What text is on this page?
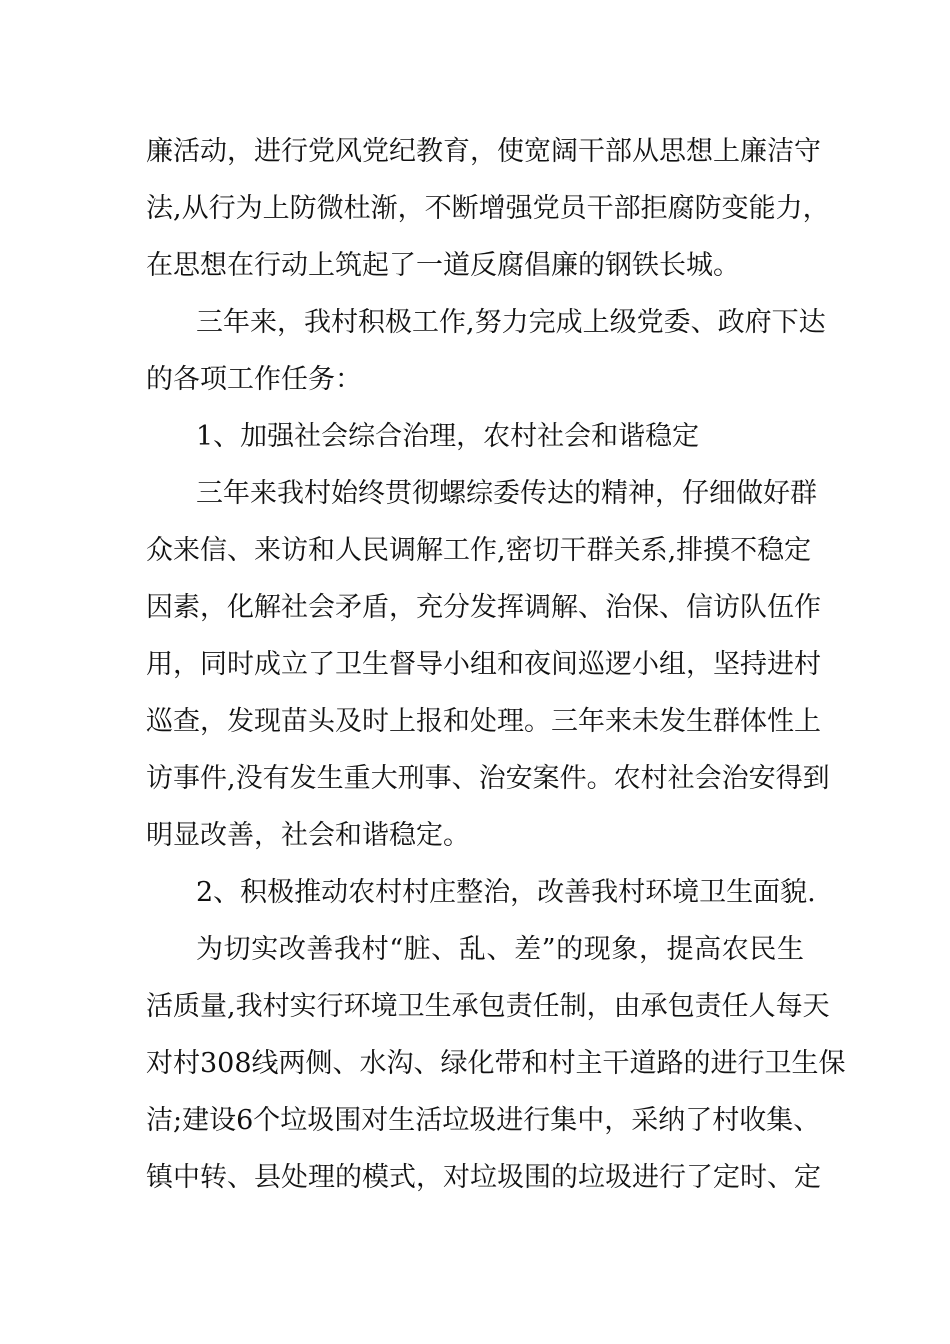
廉活动，进行党风党纪教育，使宽阔干部从思想上廉洁守
法,从行为上防微杜渐，不断增强党员干部拒腐防变能力，
在思想在行动上筑起了一道反腐倡廉的钢铁长城。
三年来，我村积极工作,努力完成上级党委、政府下达
的各项工作任务：
1、加强社会综合治理，农村社会和谐稳定
三年来我村始终贯彻螺综委传达的精神，仔细做好群
众来信、来访和人民调解工作,密切干群关系,排摸不稳定
因素，化解社会矛盾，充分发挥调解、治保、信访队伍作
用，同时成立了卫生督导小组和夜间巡逻小组，坚持进村
巡查，发现苗头及时上报和处理。三年来未发生群体性上
访事件,没有发生重大刑事、治安案件。农村社会治安得到
明显改善，社会和谐稳定。
2、积极推动农村村庄整治，改善我村环境卫生面貌.
为切实改善我村“脏、乱、差”的现象，提高农民生
活质量,我村实行环境卫生承包责任制，由承包责任人每天
对村308线两侧、水沟、绿化带和村主干道路的进行卫生保
洁;建设6个垃圾围对生活垃圾进行集中，采纳了村收集、
镇中转、县处理的模式，对垃圾围的垃圾进行了定时、定
